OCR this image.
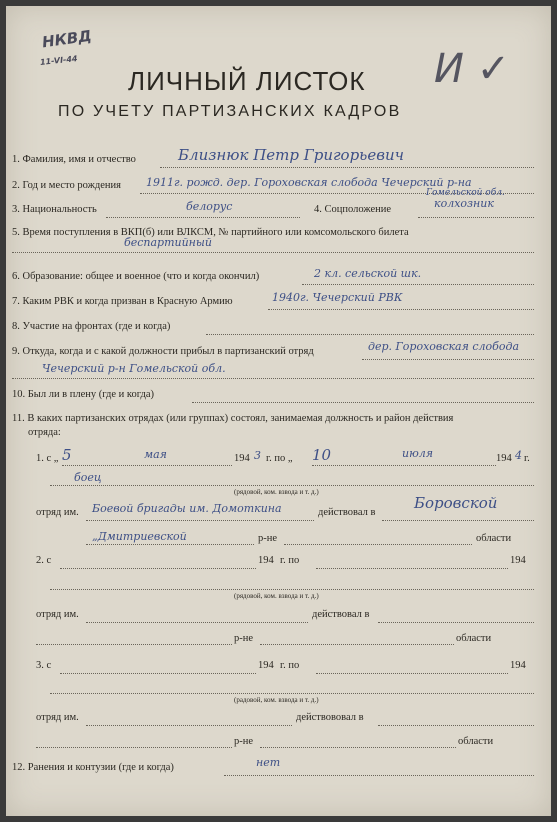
НКВД
11-VI-44	И ✓
ЛИЧНЫЙ ЛИСТОК
ПО УЧЕТУ ПАРТИЗАНСКИХ КАДРОВ
1. Фамилия, имя и отчество	Близнюк Петр Григорьевич
2. Год и место рождения 1911г. рожд. дер. Гороховская слобода Чечерский р-на
Гомельской обл.
3. Национальность	белорус	4. Соцположение	колхозник
5. Время поступления в ВКП(б) или ВЛКСМ, № партийного или комсомольского билета
беспартийный
6. Образование: общее и военное (что и когда окончил)	2 кл. сельской шк.
7. Каким РВК и когда призван в Красную Армию	1940г. Чечерский РВК
8. Участие на фронтах (где и когда)
9. Откуда, когда и с какой должности прибыл в партизанский отряд	дер. Гороховская слобода
Чечерский р-н Гомельской обл.
10. Был ли в плену (где и когда)
11. В каких партизанских отрядах (или группах) состоял, занимаемая должность и район действия
отряда:
1. с „ 5	мая	194 3 г. по „ 10	июля	194 4 г.
боец
(рядовой, ком. взвода и т. д.)
отряд им. Боевой бригады им. Домоткина	действовал в
Боровской
„Дмитриевской	р-не	области
2. с	194 г. по	194
(рядовой, ком. взвода и т. д.)
отряд им.	действовал в
р-не	области
3. с	194 г. по	194
(радовой, ком. взвода и т. д.)
отряд им.	действововал в
р-не	области
12. Ранения и контузии (где и когда)	нет
